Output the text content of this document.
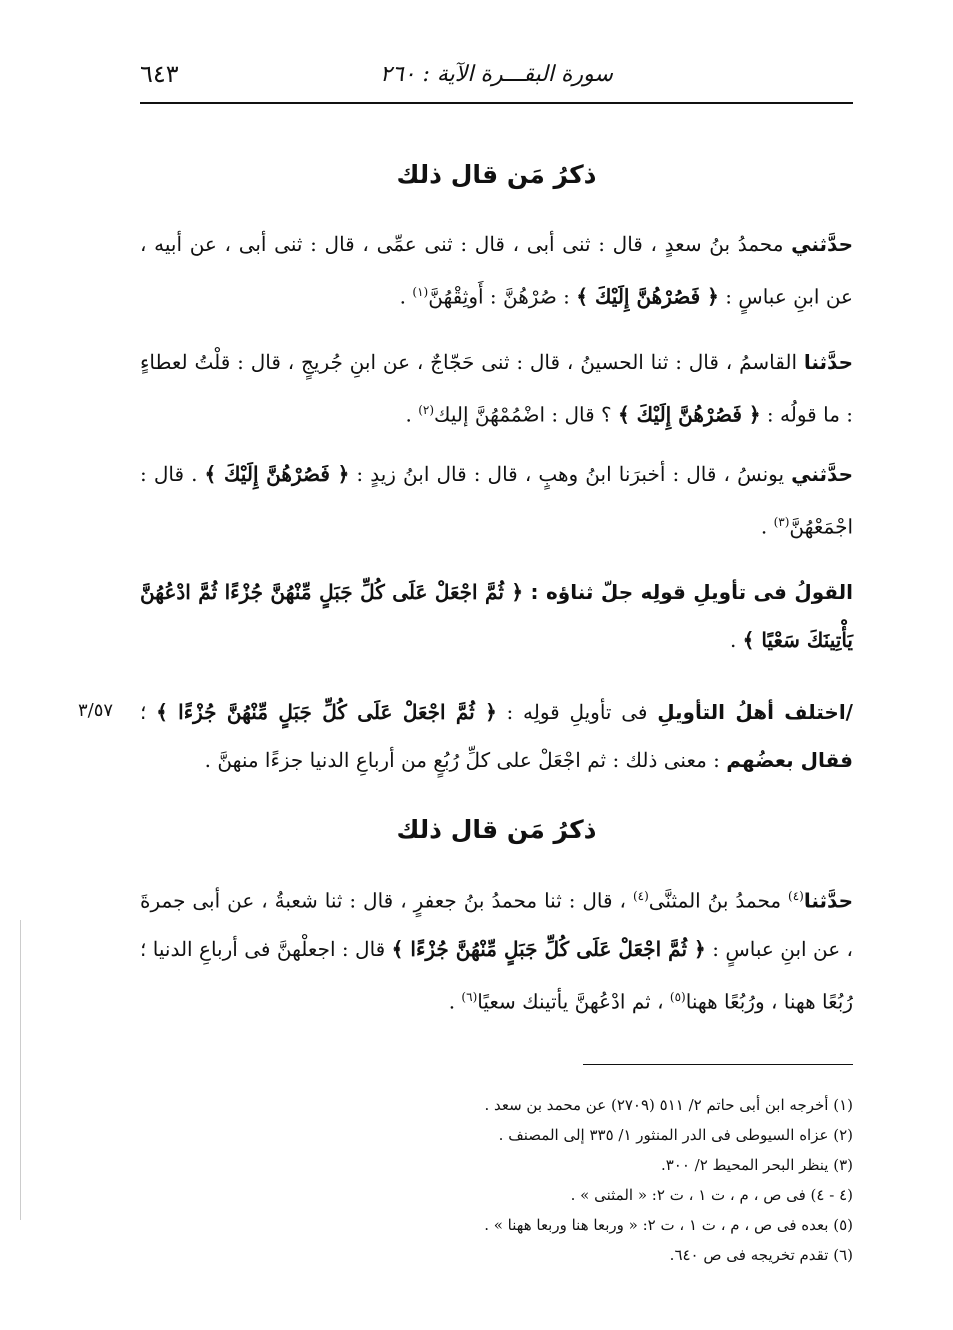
٦٤٣	سورة البقـــرة الآية : ٢٦٠
ذكرُ مَن قال ذلك
حدَّثني محمدُ بنُ سعدٍ ، قال : ثنى أبى ، قال : ثنى عمِّى ، قال : ثنى أبى ، عن أبيه ، عن ابنِ عباسٍ : ﴿ فَصُرْهُنَّ إِلَيْكَ ﴾ : صُرْهُنَّ : أَوثِقْهُنَّ$^{(١)}$ .
حدَّثنا القاسمُ ، قال : ثنا الحسينُ ، قال : ثنى حَجّاجٌ ، عن ابنِ جُريجٍ ، قال : قلْتُ لعطاءٍ : ما قولُه : ﴿ فَصُرْهُنَّ إِلَيْكَ ﴾ ؟ قال : اضْمُمْهُنَّ إليك$^{(٢)}$ .
حدَّثني يونسُ ، قال : أخبرَنا ابنُ وهبٍ ، قال : قال ابنُ زيدٍ : ﴿ فَصُرْهُنَّ إِلَيْكَ ﴾ . قال : اجْمَعْهُنَّ$^{(٣)}$ .
القولُ فى تأويلِ قولِه جلّ ثناؤه : ﴿ ثُمَّ اجْعَلْ عَلَى كُلِّ جَبَلٍ مِّنْهُنَّ جُزْءًا ثُمَّ ادْعُهُنَّ يَأْتِينَكَ سَعْيًا ﴾ .
٣/٥٧	/اختلف أهلُ التأويلِ فى تأويلِ قولِه : ﴿ ثُمَّ اجْعَلْ عَلَى كُلِّ جَبَلٍ مِّنْهُنَّ جُزْءًا ﴾ ؛ فقال بعضُهم : معنى ذلك : ثم اجْعَلْ على كلِّ رُبُعٍ من أرباعِ الدنيا جزءًا منهنَّ .
ذكرُ مَن قال ذلك
حدَّثنا$^{(٤)}$ محمدُ بنُ المثنَّى$^{(٤)}$ ، قال : ثنا محمدُ بنُ جعفرٍ ، قال : ثنا شعبةُ ، عن أبى جمرةَ ، عن ابنِ عباسٍ : ﴿ ثُمَّ اجْعَلْ عَلَى كُلِّ جَبَلٍ مِّنْهُنَّ جُزْءًا ﴾ قال : اجعلْهنَّ فى أرباعِ الدنيا ؛ رُبُعًا ههنا ، ورُبُعًا ههنا$^{(٥)}$ ، ثم ادْعُهنَّ يأتينك سعيًا$^{(٦)}$ .
(١) أخرجه ابن أبى حاتم ٢/ ٥١١ (٢٧٠٩) عن محمد بن سعد .
(٢) عزاه السيوطى فى الدر المنثور ١/ ٣٣٥ إلى المصنف .
(٣) ينظر البحر المحيط ٢/ ٣٠٠.
(٤ - ٤) فى ص ، م ، ت ١ ، ت ٢: « المثنى » .
(٥) بعده فى ص ، م ، ت ١ ، ت ٢: « وربعا هنا وربعا ههنا » .
(٦) تقدم تخريجه فى ص ٦٤٠.
